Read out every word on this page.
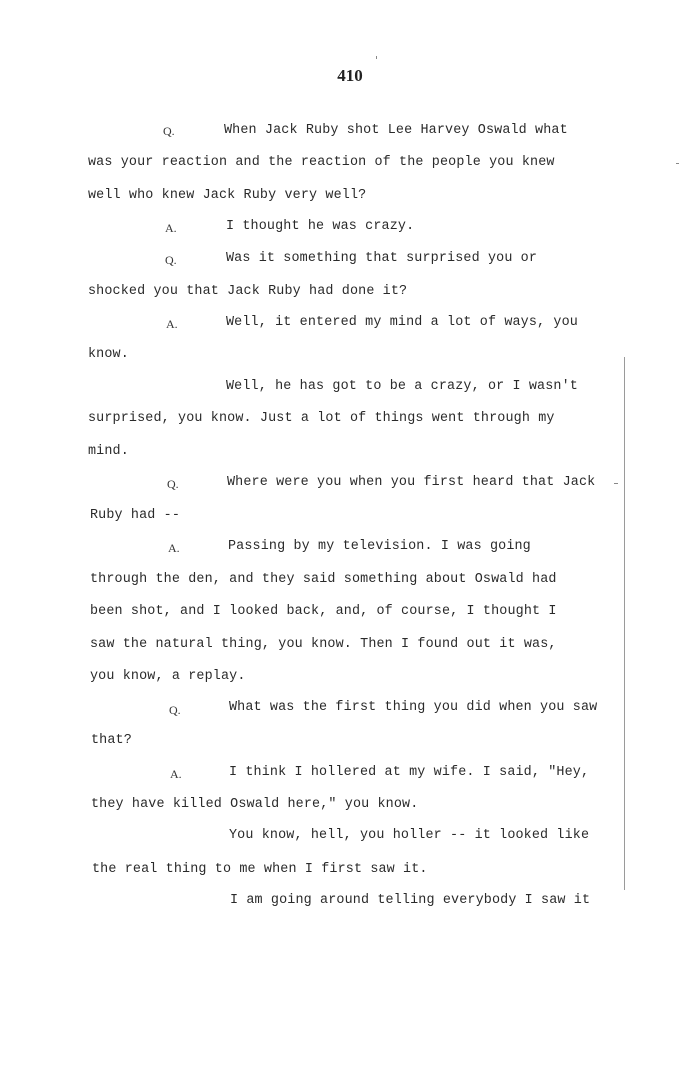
410
Q.	When Jack Ruby shot Lee Harvey Oswald what
was your reaction and the reaction of the people you knew
well who knew Jack Ruby very well?
A.	I thought he was crazy.
Q.	Was it something that surprised you or
shocked you that Jack Ruby had done it?
A.	Well, it entered my mind a lot of ways, you
know.
Well, he has got to be a crazy, or I wasn't
surprised, you know. Just a lot of things went through my
mind.
Q.	Where were you when you first heard that Jack
Ruby had --
A.	Passing by my television. I was going
through the den, and they said something about Oswald had
been shot, and I looked back, and, of course, I thought I
saw the natural thing, you know. Then I found out it was,
you know, a replay.
Q.	What was the first thing you did when you saw
that?
A.	I think I hollered at my wife. I said, "Hey,
they have killed Oswald here," you know.
You know, hell, you holler -- it looked like
the real thing to me when I first saw it.
I am going around telling everybody I saw it
